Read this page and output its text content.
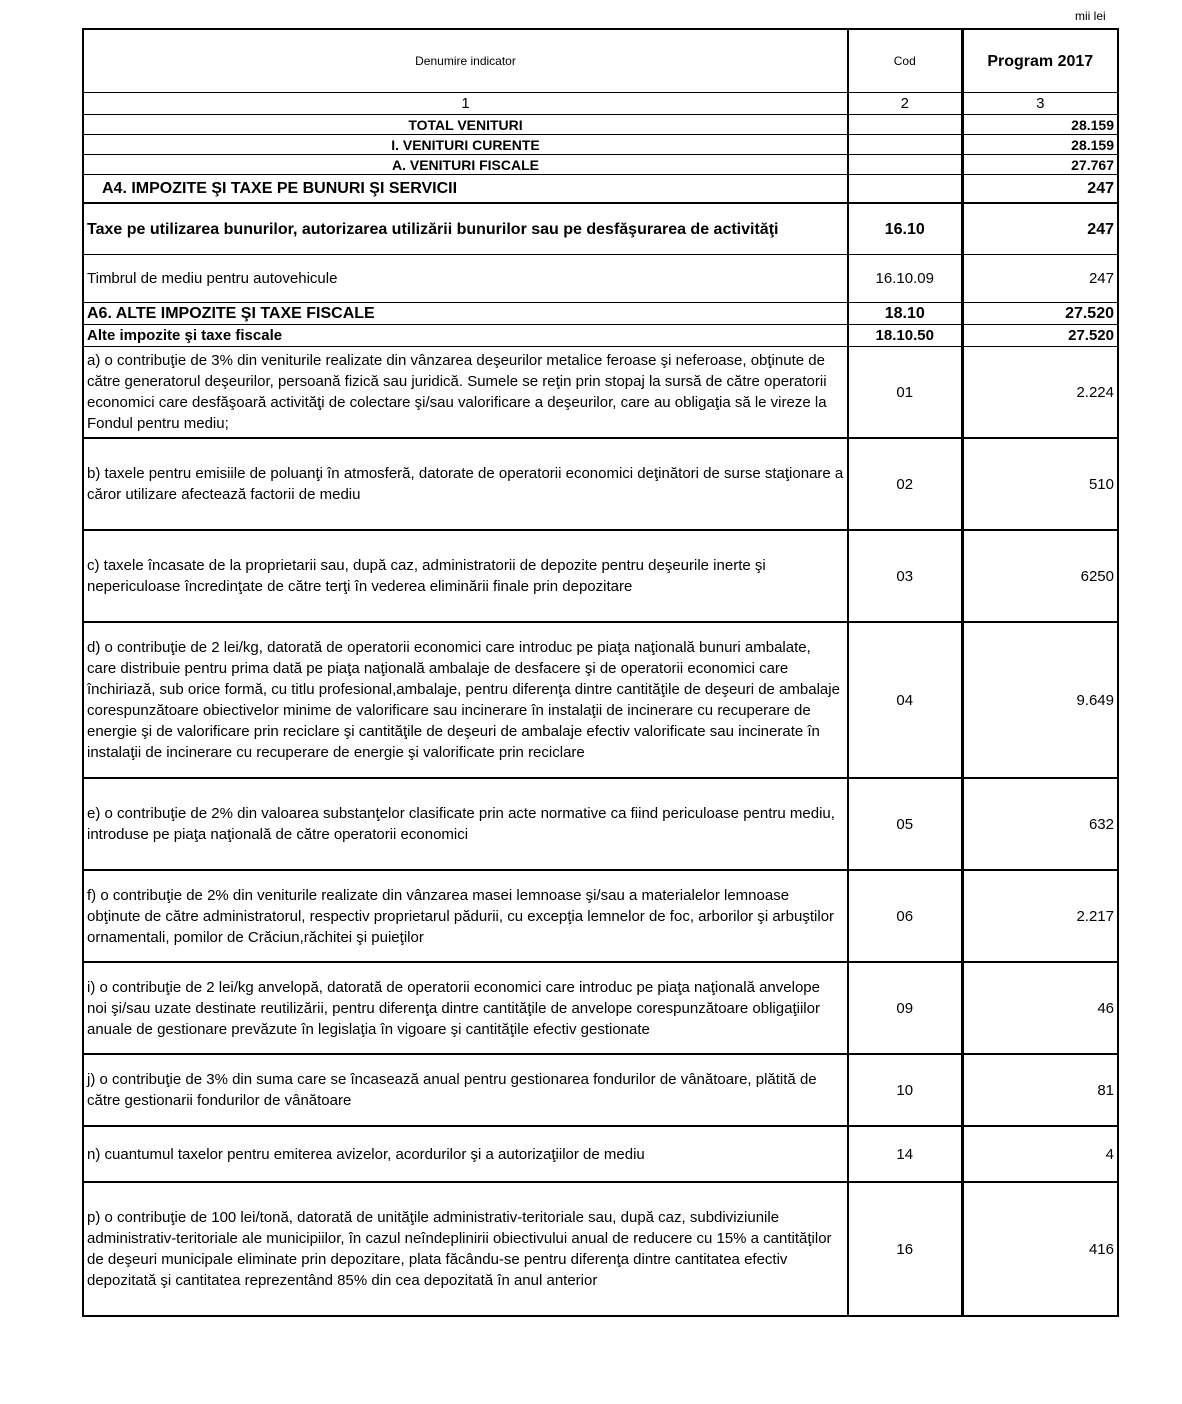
mii lei
Denumire indicator	Cod	Program 2017
1	2	3
TOTAL VENITURI		28.159
I. VENITURI CURENTE		28.159
A. VENITURI FISCALE		27.767
A4. IMPOZITE ŞI TAXE PE BUNURI ŞI SERVICII		247
Taxe pe utilizarea bunurilor, autorizarea utilizării bunurilor sau pe desfăşurarea de activităţi	16.10	247
Timbrul de mediu pentru autovehicule	16.10.09	247
A6. ALTE IMPOZITE ŞI TAXE FISCALE	18.10	27.520
Alte impozite şi taxe fiscale	18.10.50	27.520
a) o contribuţie de 3% din veniturile realizate din vânzarea deşeurilor metalice feroase şi neferoase, obţinute de către generatorul deşeurilor, persoană fizică sau juridică. Sumele se reţin prin stopaj la sursă de către operatorii economici care desfăşoară activităţi de colectare şi/sau valorificare a deşeurilor, care au obligaţia să le vireze la Fondul pentru mediu;	01	2.224
b) taxele pentru emisiile de poluanţi în atmosferă, datorate de operatorii economici deţinători de surse staţionare a căror utilizare afectează factorii de mediu	02	510
c) taxele încasate de la proprietarii sau, după caz, administratorii de depozite pentru deşeurile inerte şi nepericuloase încredinţate de către terţi în vederea eliminării finale prin depozitare	03	6250
d) o contribuţie de 2 lei/kg, datorată de operatorii economici care introduc pe piaţa naţională bunuri ambalate, care distribuie pentru prima dată pe piaţa naţională ambalaje de desfacere şi de operatorii economici care închiriază, sub orice formă, cu titlu profesional,ambalaje, pentru diferenţa dintre cantităţile de deşeuri de ambalaje corespunzătoare obiectivelor minime de valorificare sau incinerare în instalaţii de incinerare cu recuperare de energie şi de valorificare prin reciclare şi cantităţile de deşeuri de ambalaje efectiv valorificate sau incinerate în instalaţii de incinerare cu recuperare de energie şi valorificate prin reciclare	04	9.649
e) o contribuţie de 2% din valoarea substanţelor clasificate prin acte normative ca fiind periculoase pentru mediu, introduse pe piaţa naţională de către operatorii economici	05	632
f) o contribuţie de 2% din veniturile realizate din vânzarea masei lemnoase şi/sau a materialelor lemnoase obţinute de către administratorul, respectiv proprietarul pădurii, cu excepţia lemnelor de foc, arborilor şi arbuştilor ornamentali, pomilor de Crăciun,răchitei şi puieţilor	06	2.217
i) o contribuţie de 2 lei/kg anvelopă, datorată de operatorii economici care introduc pe piaţa naţională anvelope noi şi/sau uzate destinate reutilizării, pentru diferenţa dintre cantităţile de anvelope corespunzătoare obligaţiilor anuale de gestionare prevăzute în legislaţia în vigoare şi cantităţile efectiv gestionate	09	46
j) o contribuţie de 3% din suma care se încasează anual pentru gestionarea fondurilor de vânătoare, plătită de către gestionarii fondurilor de vânătoare	10	81
n) cuantumul taxelor pentru emiterea avizelor, acordurilor şi a autorizaţiilor de mediu	14	4
p) o contribuţie de 100 lei/tonă, datorată de unităţile administrativ-teritoriale sau, după caz, subdiviziunile administrativ-teritoriale ale municipiilor, în cazul neîndeplinirii obiectivului anual de reducere cu 15% a cantităţilor de deşeuri municipale eliminate prin depozitare, plata făcându-se pentru diferenţa dintre cantitatea efectiv depozitată şi cantitatea reprezentând 85% din cea depozitată în anul anterior	16	416
